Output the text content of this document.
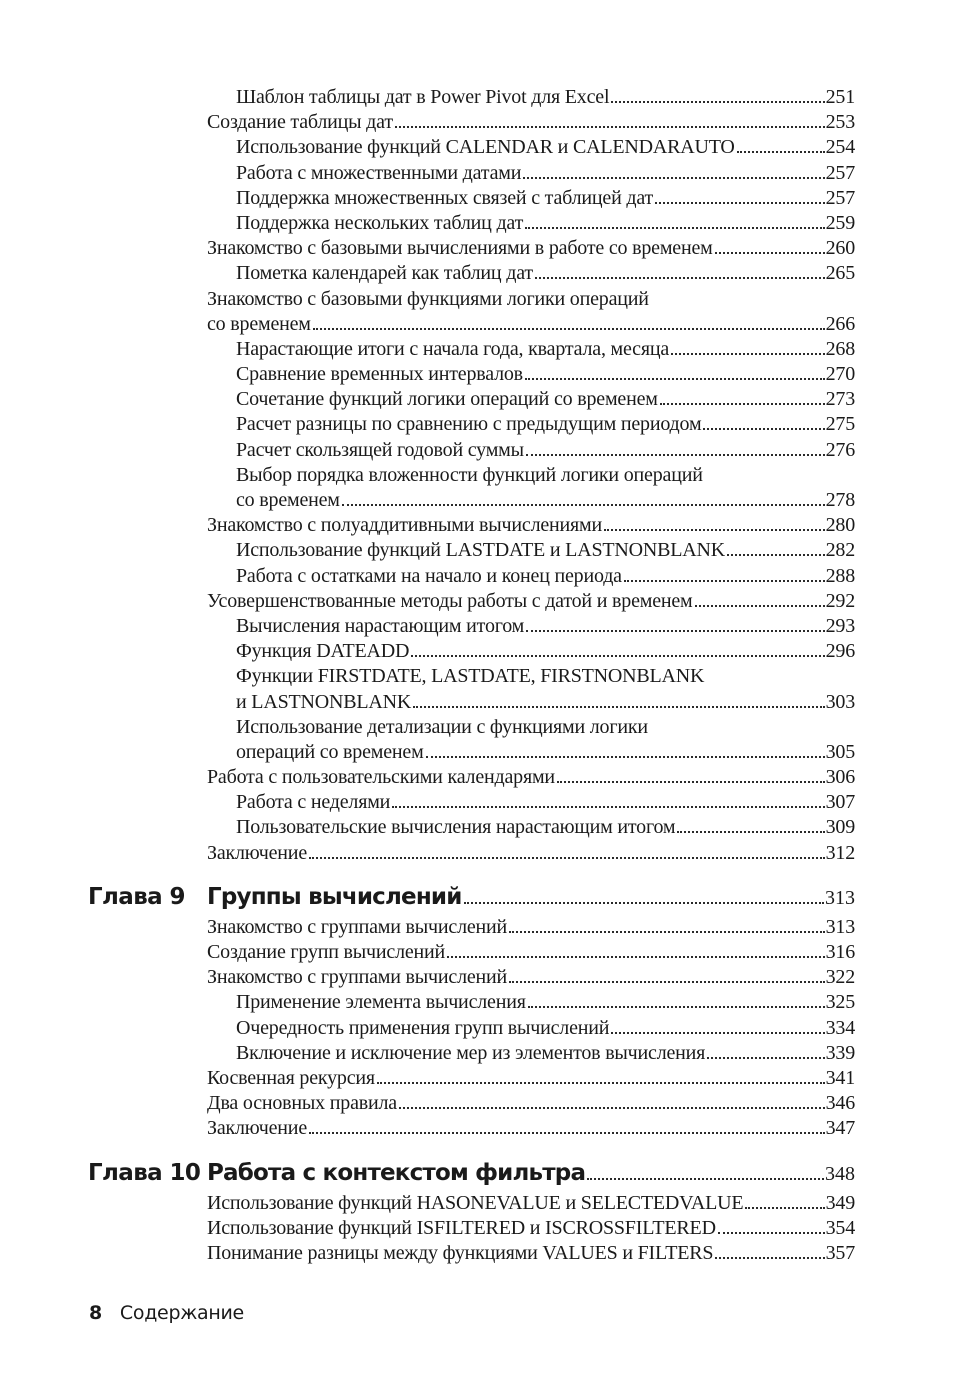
Шаблон таблицы дат в Power Pivot для Excel	251
Создание таблицы дат	253
Использование функций CALENDAR и CALENDARAUTO	254
Работа с множественными датами	257
Поддержка множественных связей с таблицей дат	257
Поддержка нескольких таблиц дат	259
Знакомство с базовыми вычислениями в работе со временем	260
Пометка календарей как таблиц дат	265
Знакомство с базовыми функциями логики операций
со временем	266
Нарастающие итоги с начала года, квартала, месяца	268
Сравнение временных интервалов	270
Сочетание функций логики операций со временем	273
Расчет разницы по сравнению с предыдущим периодом	275
Расчет скользящей годовой суммы	276
Выбор порядка вложенности функций логики операций
со временем	278
Знакомство с полуаддитивными вычислениями	280
Использование функций LASTDATE и LASTNONBLANK	282
Работа с остатками на начало и конец периода	288
Усовершенствованные методы работы с датой и временем	292
Вычисления нарастающим итогом	293
Функция DATEADD	296
Функции FIRSTDATE, LASTDATE, FIRSTNONBLANK
и LASTNONBLANK	303
Использование детализации с функциями логики
операций со временем	305
Работа с пользовательскими календарями	306
Работа с неделями	307
Пользовательские вычисления нарастающим итогом	309
Заключение	312
Глава 9 Группы вычислений	313
Знакомство с группами вычислений	313
Создание групп вычислений	316
Знакомство с группами вычислений	322
Применение элемента вычисления	325
Очередность применения групп вычислений	334
Включение и исключение мер из элементов вычисления	339
Косвенная рекурсия	341
Два основных правила	346
Заключение	347
Глава 10 Работа с контекстом фильтра	348
Использование функций HASONEVALUE и SELECTEDVALUE	349
Использование функций ISFILTERED и ISCROSSFILTERED	354
Понимание разницы между функциями VALUES и FILTERS	357
8 Содержание
